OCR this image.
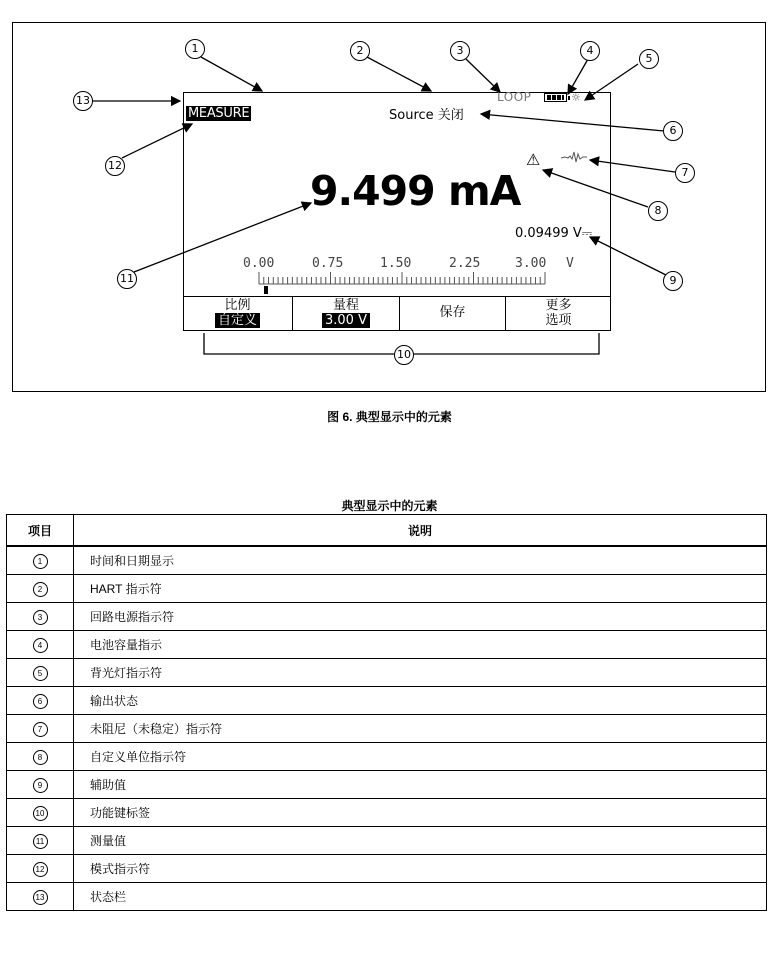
LOOP	☼
MEASURE	Source 关闭
⚠
9.499 mA
0.09499 V⎓
0.00	0.75	1.50	2.25	3.00 V
比例
自定义
量程
3.00 V
保存	更多
选项
1	2	3	4
5
6
7
8
9
10
11
12
13
图 6. 典型显示中的元素
典型显示中的元素
项目	说明
1	时间和日期显示
2	HART 指示符
3	回路电源指示符
4	电池容量指示
5	背光灯指示符
6	输出状态
7	未阻尼（未稳定）指示符
8	自定义单位指示符
9	辅助值
10	功能键标签
11	测量值
12	模式指示符
13	状态栏
